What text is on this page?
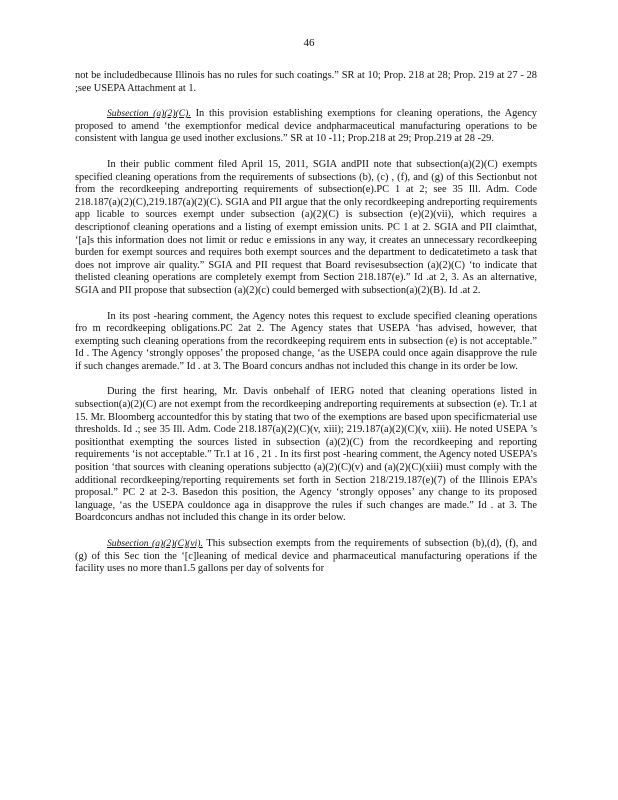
46

not be includedbecause Illinois has no rules for such coatings.” SR at 10; Prop. 218 at 28; Prop. 219 at 27 - 28 ;see USEPA Attachment at 1.

Subsection (a)(2)(C). In this provision establishing exemptions for cleaning operations, the Agency proposed to amend ‘the exemptionfor medical device andpharmaceutical manufacturing operations to be consistent with langua ge used inother exclusions.” SR at 10 -11; Prop.218 at 29; Prop.219 at 28 -29.

In their public comment filed April 15, 2011, SGIA andPII note that subsection(a)(2)(C) exempts specified cleaning operations from the requirements of subsections (b), (c) , (f), and (g) of this Sectionbut not from the recordkeeping andreporting requirements of subsection(e).PC 1 at 2; see 35 Ill. Adm. Code 218.187(a)(2)(C),219.187(a)(2)(C). SGIA and PII argue that the only recordkeeping andreporting requirements app licable to sources exempt under subsection (a)(2)(C) is subsection (e)(2)(vii), which requires a descriptionof cleaning operations and a listing of exempt emission units. PC 1 at 2. SGIA and PII claimthat, ‘[a]s this information does not limit or reduc e emissions in any way, it creates an unnecessary recordkeeping burden for exempt sources and requires both exempt sources and the department to dedicatetimeto a task that does not improve air quality.” SGIA and PII request that Board revisesubsection (a)(2)(C) ‘to indicate that thelisted cleaning operations are completely exempt from Section 218.187(e).” Id .at 2, 3. As an alternative, SGIA and PII propose that subsection (a)(2)(c) could bemerged with subsection(a)(2)(B). Id .at 2.

In its post -hearing comment, the Agency notes this request to exclude specified cleaning operations fro m recordkeeping obligations.PC 2at 2. The Agency states that USEPA ‘has advised, however, that exempting such cleaning operations from the recordkeeping requirem ents in subsection (e) is not acceptable.” Id . The Agency ‘strongly opposes’ the proposed change, ‘as the USEPA could once again disapprove the rule if such changes aremade.” Id . at 3. The Board concurs andhas not included this change in its order be low.

During the first hearing, Mr. Davis onbehalf of IERG noted that cleaning operations listed in subsection(a)(2)(C) are not exempt from the recordkeeping andreporting requirements at subsection (e). Tr.1 at 15. Mr. Bloomberg accountedfor this by stating that two of the exemptions are based upon specificmaterial use thresholds. Id .; see 35 Ill. Adm. Code 218.187(a)(2)(C)(v, xiii); 219.187(a)(2)(C)(v, xiii). He noted USEPA ’s positionthat exempting the sources listed in subsection (a)(2)(C) from the recordkeeping and reporting requirements ‘is not acceptable.” Tr.1 at 16 , 21 . In its first post -hearing comment, the Agency noted USEPA’s position ‘that sources with cleaning operations subjectto (a)(2)(C)(v) and (a)(2)(C)(xiii) must comply with the additional recordkeeping/reporting requirements set forth in Section 218/219.187(e)(7) of the Illinois EPA’s proposal.” PC 2 at 2-3. Basedon this position, the Agency ‘strongly opposes’ any change to its proposed language, ‘as the USEPA couldonce aga in disapprove the rules if such changes are made.” Id . at 3. The Boardconcurs andhas not included this change in its order below.

Subsection (a)(2)(C)(vi). This subsection exempts from the requirements of subsection (b),(d), (f), and (g) of this Sec tion the ‘[c]leaning of medical device and pharmaceutical manufacturing operations if the facility uses no more than1.5 gallons per day of solvents for
